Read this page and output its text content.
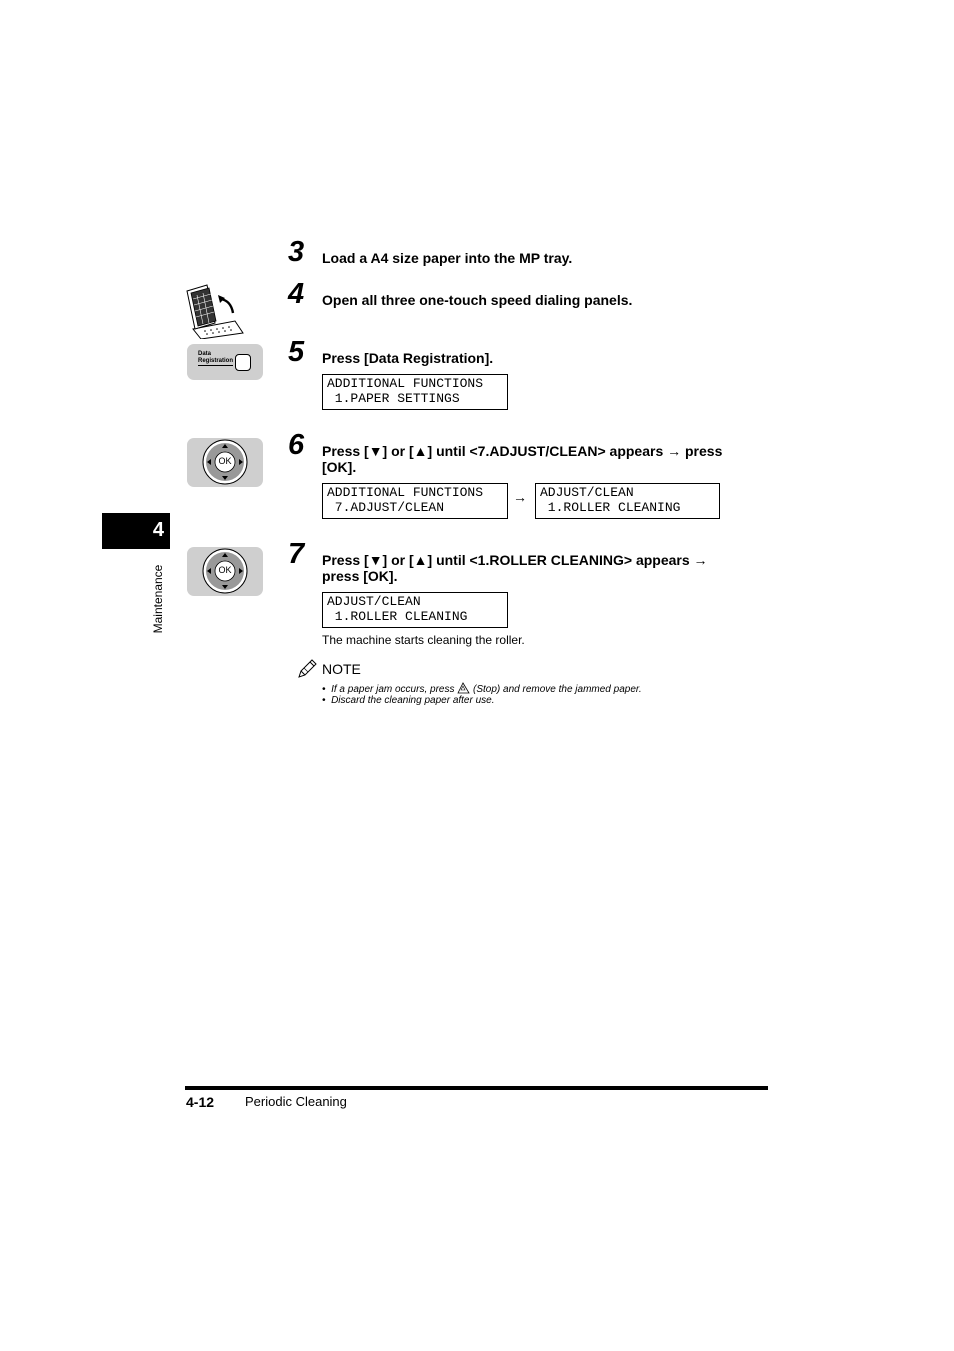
4
Maintenance
3	Load a A4 size paper into the MP tray.
4	Open all three one-touch speed dialing panels.
Data
Registration 5	Press [Data Registration].
ADDITIONAL FUNCTIONS
1.PAPER SETTINGS
OK 6	Press [▼] or [▲] until <7.ADJUST/CLEAN> appears → press
[OK].
ADDITIONAL FUNCTIONS
7.ADJUST/CLEAN
→ ADJUST/CLEAN
1.ROLLER CLEANING
OK 7	Press [▼] or [▲] until <1.ROLLER CLEANING> appears →
press [OK].
ADJUST/CLEAN
1.ROLLER CLEANING
The machine starts cleaning the roller.
NOTE
• If a paper jam occurs, press (Stop) and remove the jammed paper.
• Discard the cleaning paper after use.
4-12 Periodic Cleaning
